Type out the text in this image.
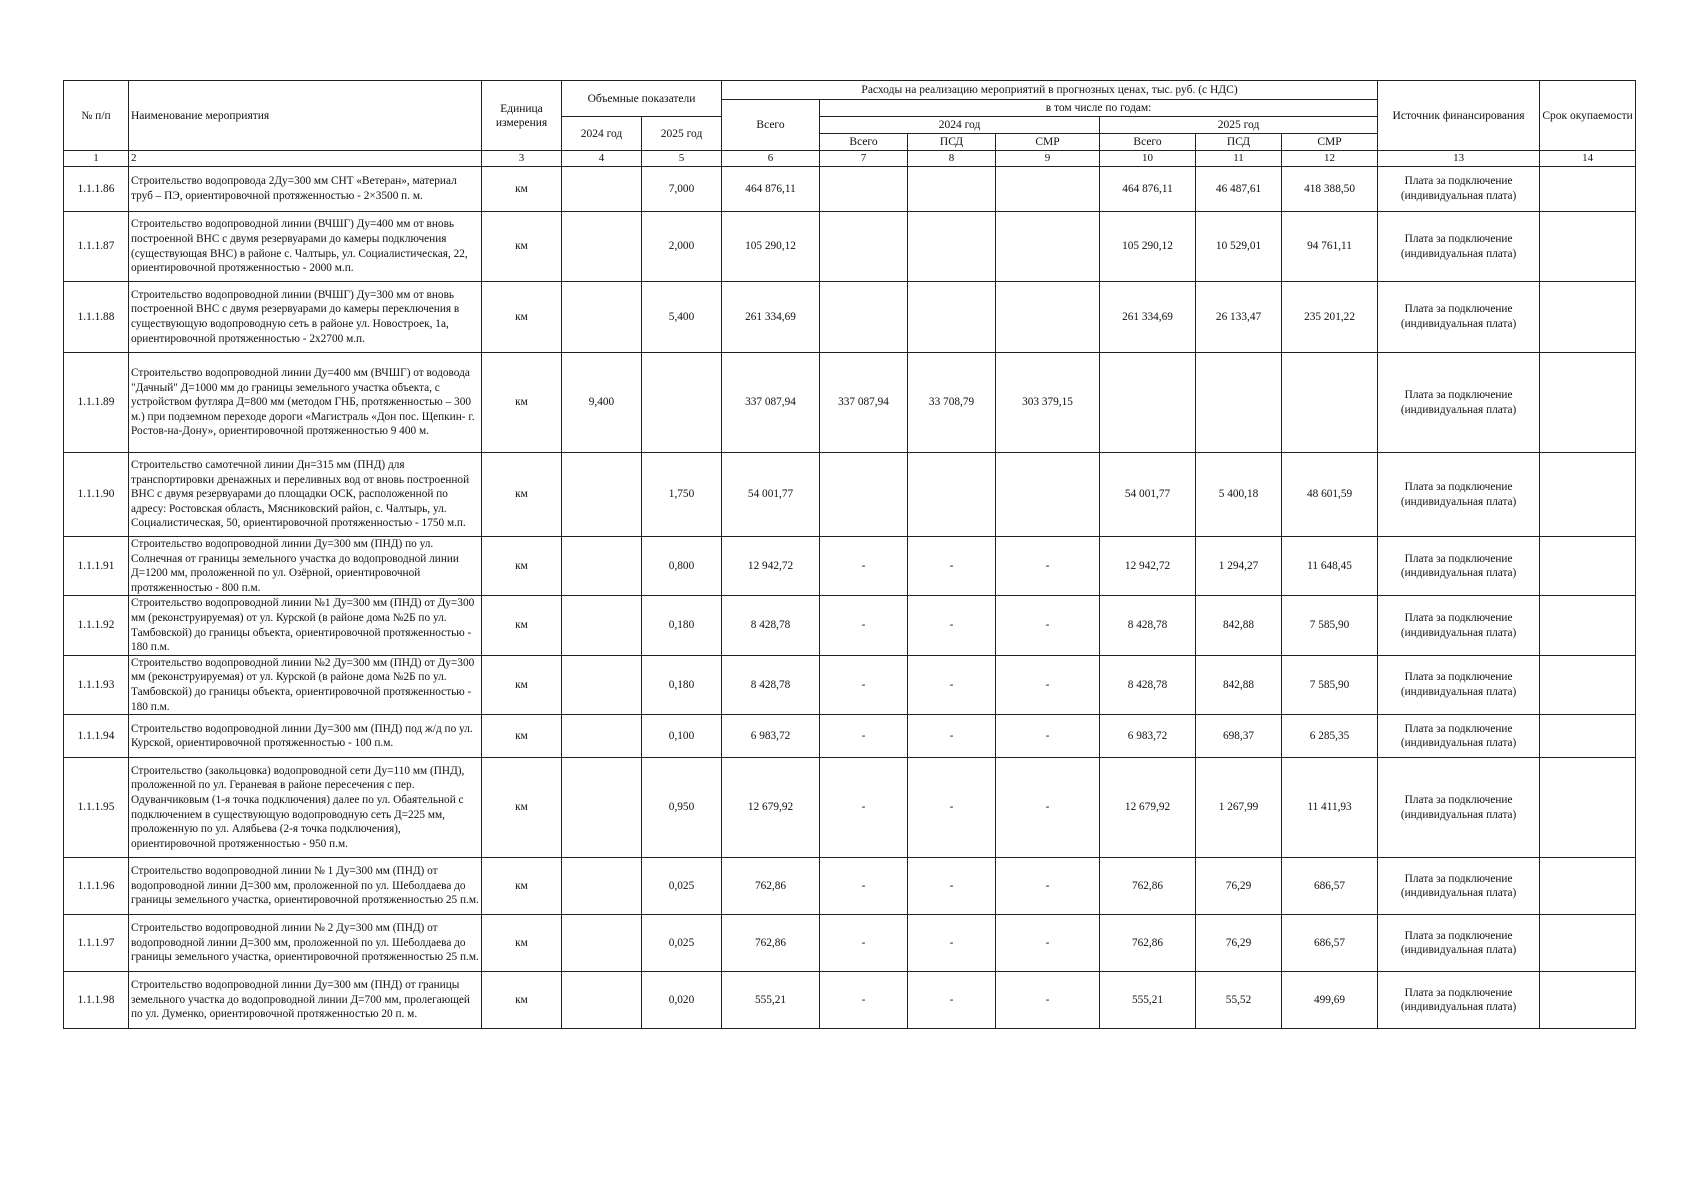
№ п/п	Наименование мероприятия	Единица измерения	Объемные показатели		Расходы на реализацию мероприятий в прогнозных ценах, тыс. руб. (с НДС)							Источник финансирования	Срок окупаемости
					Всего	в том числе по годам:							
			2024 год	2025 год		2024 год			2025 год				
						Всего	ПСД	СМР	Всего	ПСД	СМР		
1	2	3	4	5	6	7	8	9	10	11	12	13	14
1.1.1.86	Строительство водопровода 2Ду=300 мм СНТ «Ветеран», материал труб – ПЭ, ориентировочной протяженностью - 2×3500 п. м.	км		7,000	464 876,11				464 876,11	46 487,61	418 388,50	Плата за подключение (индивидуальная плата)	
1.1.1.87	Строительство водопроводной линии (ВЧШГ) Ду=400 мм от вновь построенной ВНС с двумя резервуарами до камеры подключения (существующая ВНС) в районе с. Чалтырь, ул. Социалистическая, 22, ориентировочной протяженностью - 2000 м.п.	км		2,000	105 290,12				105 290,12	10 529,01	94 761,11	Плата за подключение (индивидуальная плата)	
1.1.1.88	Строительство водопроводной линии (ВЧШГ) Ду=300 мм от вновь построенной ВНС с двумя резервуарами до камеры переключения в существующую водопроводную сеть в районе ул. Новостроек, 1а, ориентировочной протяженностью - 2х2700 м.п.	км		5,400	261 334,69				261 334,69	26 133,47	235 201,22	Плата за подключение (индивидуальная плата)	
1.1.1.89	Строительство водопроводной линии Ду=400 мм (ВЧШГ) от водовода "Дачный" Д=1000 мм до границы земельного участка объекта, с устройством футляра Д=800 мм (методом ГНБ, протяженностью – 300 м.) при подземном переходе дороги «Магистраль «Дон пос. Щепкин- г. Ростов-на-Дону», ориентировочной протяженностью 9 400 м.	км	9,400		337 087,94	337 087,94	33 708,79	303 379,15				Плата за подключение (индивидуальная плата)	
1.1.1.90	Строительство самотечной линии Дн=315 мм (ПНД) для транспортировки дренажных и переливных вод от вновь построенной ВНС с двумя резервуарами до площадки ОСК, расположенной по адресу: Ростовская область, Мясниковский район, с. Чалтырь, ул. Социалистическая, 50, ориентировочной протяженностью - 1750 м.п.	км		1,750	54 001,77				54 001,77	5 400,18	48 601,59	Плата за подключение (индивидуальная плата)	
1.1.1.91	Строительство водопроводной линии Ду=300 мм (ПНД) по ул. Солнечная от границы земельного участка до водопроводной линии Д=1200 мм, проложенной по ул. Озёрной, ориентировочной протяженностью - 800 п.м.	км		0,800	12 942,72	-	-	-	12 942,72	1 294,27	11 648,45	Плата за подключение (индивидуальная плата)	
1.1.1.92	Строительство водопроводной линии №1 Ду=300 мм (ПНД) от Ду=300 мм (реконструируемая) от ул. Курской (в районе дома №2Б по ул. Тамбовской) до границы объекта, ориентировочной протяженностью - 180 п.м.	км		0,180	8 428,78	-	-	-	8 428,78	842,88	7 585,90	Плата за подключение (индивидуальная плата)	
1.1.1.93	Строительство водопроводной линии №2 Ду=300 мм (ПНД) от Ду=300 мм (реконструируемая) от ул. Курской (в районе дома №2Б по ул. Тамбовской) до границы объекта, ориентировочной протяженностью - 180 п.м.	км		0,180	8 428,78	-	-	-	8 428,78	842,88	7 585,90	Плата за подключение (индивидуальная плата)	
1.1.1.94	Строительство водопроводной линии Ду=300 мм (ПНД) под ж/д по ул. Курской, ориентировочной протяженностью - 100 п.м.	км		0,100	6 983,72	-	-	-	6 983,72	698,37	6 285,35	Плата за подключение (индивидуальная плата)	
1.1.1.95	Строительство (закольцовка) водопроводной сети Ду=110 мм (ПНД), проложенной по ул. Гераневая в районе пересечения с пер. Одуванчиковым (1-я точка подключения) далее по ул. Обаятельной с подключением в существующую водопроводную сеть Д=225 мм, проложенную по ул. Алябьева (2-я точка подключения), ориентировочной протяженностью - 950 п.м.	км		0,950	12 679,92	-	-	-	12 679,92	1 267,99	11 411,93	Плата за подключение (индивидуальная плата)	
1.1.1.96	Строительство водопроводной линии № 1 Ду=300 мм (ПНД) от водопроводной линии Д=300 мм, проложенной по ул. Шеболдаева до границы земельного участка, ориентировочной протяженностью 25 п.м.	км		0,025	762,86	-	-	-	762,86	76,29	686,57	Плата за подключение (индивидуальная плата)	
1.1.1.97	Строительство водопроводной линии № 2 Ду=300 мм (ПНД) от водопроводной линии Д=300 мм, проложенной по ул. Шеболдаева до границы земельного участка, ориентировочной протяженностью 25 п.м.	км		0,025	762,86	-	-	-	762,86	76,29	686,57	Плата за подключение (индивидуальная плата)	
1.1.1.98	Строительство водопроводной линии Ду=300 мм (ПНД) от границы земельного участка до водопроводной линии Д=700 мм, пролегающей по ул. Думенко, ориентировочной протяженностью 20 п. м.	км		0,020	555,21	-	-	-	555,21	55,52	499,69	Плата за подключение (индивидуальная плата)	
